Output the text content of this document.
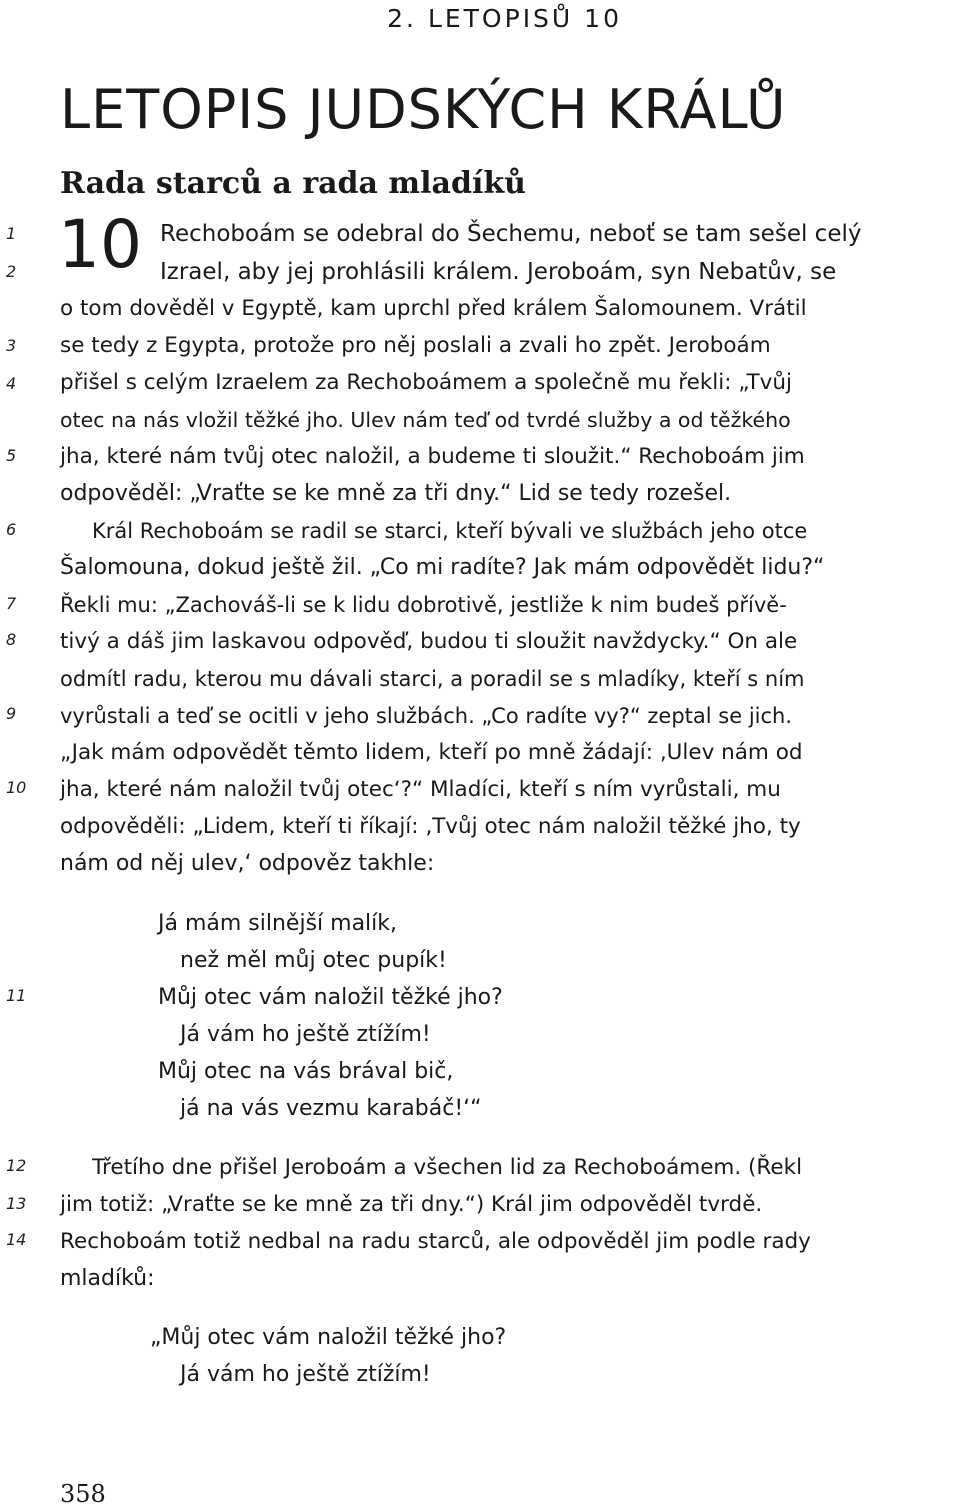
2. LETOPISŮ 10
LETOPIS JUDSKÝCH KRÁLŮ
Rada starců a rada mladíků
10
1
2
3
4
5
6
7
8
9
10
11
12
13
14
Rechoboám se odebral do Šechemu, neboť se tam sešel celý
Izrael, aby jej prohlásili králem. Jeroboám, syn Nebatův, se
o tom dověděl v Egyptě, kam uprchl před králem Šalomounem. Vrátil
se tedy z Egypta, protože pro něj poslali a zvali ho zpět. Jeroboám
přišel s celým Izraelem za Rechoboámem a společně mu řekli: „Tvůj
otec na nás vložil těžké jho. Ulev nám teď od tvrdé služby a od těžkého
jha, které nám tvůj otec naložil, a budeme ti sloužit.“ Rechoboám jim
odpověděl: „Vraťte se ke mně za tři dny.“ Lid se tedy rozešel.
Král Rechoboám se radil se starci, kteří bývali ve službách jeho otce
Šalomouna, dokud ještě žil. „Co mi radíte? Jak mám odpovědět lidu?“
Řekli mu: „Zachováš-li se k lidu dobrotivě, jestliže k nim budeš přívě-
tivý a dáš jim laskavou odpověď, budou ti sloužit navždycky.“ On ale
odmítl radu, kterou mu dávali starci, a poradil se s mladíky, kteří s ním
vyrůstali a teď se ocitli v jeho službách. „Co radíte vy?“ zeptal se jich.
„Jak mám odpovědět těmto lidem, kteří po mně žádají: ‚Ulev nám od
jha, které nám naložil tvůj otec‘?“ Mladíci, kteří s ním vyrůstali, mu
odpověděli: „Lidem, kteří ti říkají: ‚Tvůj otec nám naložil těžké jho, ty
nám od něj ulev,‘ odpověz takhle:
Já mám silnější malík,
než měl můj otec pupík!
Můj otec vám naložil těžké jho?
Já vám ho ještě ztížím!
Můj otec na vás brával bič,
já na vás vezmu karabáč!‘“
Třetího dne přišel Jeroboám a všechen lid za Rechoboámem. (Řekl
jim totiž: „Vraťte se ke mně za tři dny.“) Král jim odpověděl tvrdě.
Rechoboám totiž nedbal na radu starců, ale odpověděl jim podle rady
mladíků:
„Můj otec vám naložil těžké jho?
Já vám ho ještě ztížím!
358
